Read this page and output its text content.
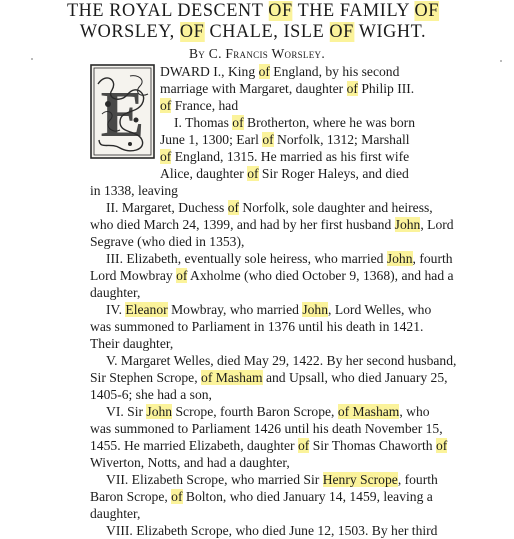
THE ROYAL DESCENT OF THE FAMILY OF
WORSLEY, OF CHALE, ISLE OF WIGHT.
By C. Francis Worsley.
E
DWARD I., King of England, by his second
marriage with Margaret, daughter of Philip III.
of France, had
I. Thomas of Brotherton, where he was born
June 1, 1300; Earl of Norfolk, 1312; Marshall
of England, 1315. He married as his first wife
Alice, daughter of Sir Roger Haleys, and died
in 1338, leaving
II. Margaret, Duchess of Norfolk, sole daughter and heiress,
who died March 24, 1399, and had by her first husband John, Lord
Segrave (who died in 1353),
III. Elizabeth, eventually sole heiress, who married John, fourth
Lord Mowbray of Axholme (who died October 9, 1368), and had a
daughter,
IV. Eleanor Mowbray, who married John, Lord Welles, who
was summoned to Parliament in 1376 until his death in 1421.
Their daughter,
V. Margaret Welles, died May 29, 1422. By her second husband,
Sir Stephen Scrope, of Masham and Upsall, who died January 25,
1405-6; she had a son,
VI. Sir John Scrope, fourth Baron Scrope, of Masham, who
was summoned to Parliament 1426 until his death November 15,
1455. He married Elizabeth, daughter of Sir Thomas Chaworth of
Wiverton, Notts, and had a daughter,
VII. Elizabeth Scrope, who married Sir Henry Scrope, fourth
Baron Scrope, of Bolton, who died January 14, 1459, leaving a
daughter,
VIII. Elizabeth Scrope, who died June 12, 1503. By her third
